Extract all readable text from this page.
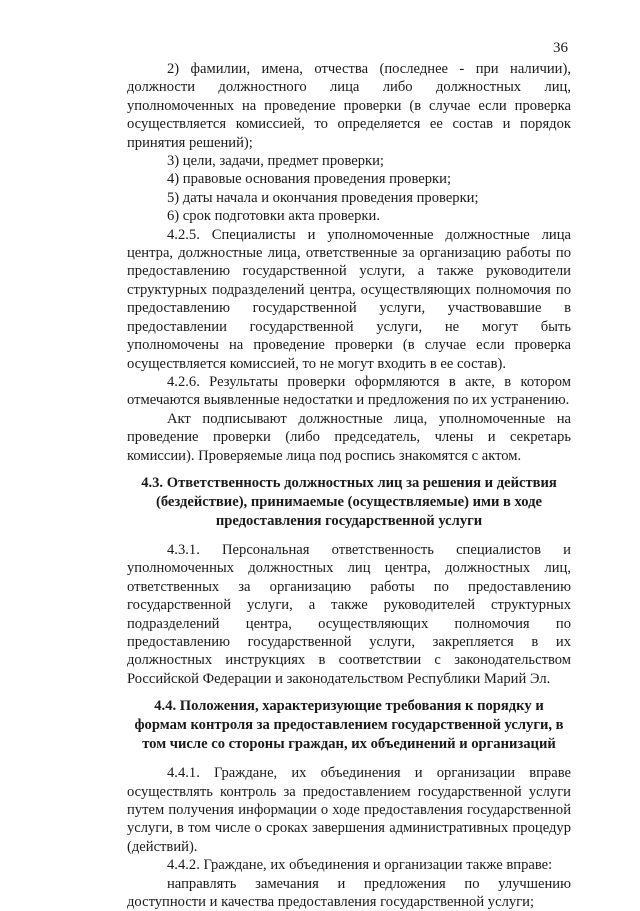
36

2) фамилии, имена, отчества (последнее - при наличии), должности должностного лица либо должностных лиц, уполномоченных на проведение проверки (в случае если проверка осуществляется комиссией, то определяется ее состав и порядок принятия решений);

3) цели, задачи, предмет проверки;

4) правовые основания проведения проверки;

5) даты начала и окончания проведения проверки;

6) срок подготовки акта проверки.

4.2.5. Специалисты и уполномоченные должностные лица центра, должностные лица, ответственные за организацию работы по предоставлению государственной услуги, а также руководители структурных подразделений центра, осуществляющих полномочия по предоставлению государственной услуги, участвовавшие в предоставлении государственной услуги, не могут быть уполномочены на проведение проверки (в случае если проверка осуществляется комиссией, то не могут входить в ее состав).

4.2.6. Результаты проверки оформляются в акте, в котором отмечаются выявленные недостатки и предложения по их устранению.

Акт подписывают должностные лица, уполномоченные на проведение проверки (либо председатель, члены и секретарь комиссии). Проверяемые лица под роспись знакомятся с актом.

4.3. Ответственность должностных лиц за решения и действия (бездействие), принимаемые (осуществляемые) ими в ходе предоставления государственной услуги

4.3.1. Персональная ответственность специалистов и уполномоченных должностных лиц центра, должностных лиц, ответственных за организацию работы по предоставлению государственной услуги, а также руководителей структурных подразделений центра, осуществляющих полномочия по предоставлению государственной услуги, закрепляется в их должностных инструкциях в соответствии с законодательством Российской Федерации и законодательством Республики Марий Эл.

4.4. Положения, характеризующие требования к порядку и формам контроля за предоставлением государственной услуги, в том числе со стороны граждан, их объединений и организаций

4.4.1. Граждане, их объединения и организации вправе осуществлять контроль за предоставлением государственной услуги путем получения информации о ходе предоставления государственной услуги, в том числе о сроках завершения административных процедур (действий).

4.4.2. Граждане, их объединения и организации также вправе:

направлять замечания и предложения по улучшению доступности и качества предоставления государственной услуги;
